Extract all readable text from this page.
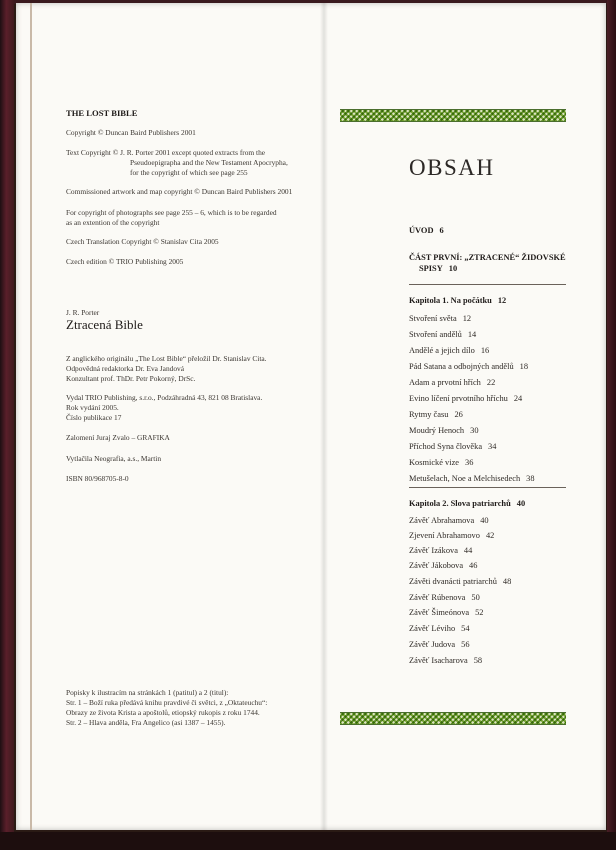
THE LOST BIBLE
Copyright © Duncan Baird Publishers 2001
Text Copyright © J. R. Porter 2001 except quoted extracts from the
Pseudoepigrapha and the New Testament Apocrypha,
for the copyright of which see page 255
Commissioned artwork and map copyright © Duncan Baird Publishers 2001
For copyright of photographs see page 255 – 6, which is to be regarded
as an extention of the copyright
Czech Translation Copyright © Stanislav Cita 2005
Czech edition © TRIO Publishing 2005
J. R. Porter
Ztracená Bible
Z anglického originálu „The Lost Bible“ přeložil Dr. Stanislav Cita.
Odpovědná redaktorka Dr. Eva Jandová
Konzultant prof. ThDr. Petr Pokorný, DrSc.
Vydal TRIO Publishing, s.r.o., Podzáhradná 43, 821 08 Bratislava.
Rok vydání 2005.
Číslo publikace 17
Zalomení Juraj Zvalo – GRAFIKA
Vytlačila Neografia, a.s., Martin
ISBN 80/968705-8-0
Popisky k ilustracím na stránkách 1 (patitul) a 2 (titul):
Str. 1 – Boží ruka předává knihu pravdivé či světci, z „Oktateuchu“:
Obrazy ze života Krista a apoštolů, etiopský rukopis z roku 1744.
Str. 2 – Hlava anděla, Fra Angelico (asi 1387 – 1455).
OBSAH
ÚVOD 6
ČÁST PRVNÍ: „ZTRACENÉ“ ŽIDOVSKÉ
SPISY 10
Kapitola 1. Na počátku 12
Stvoření světa 12
Stvoření andělů 14
Andělé a jejich dílo 16
Pád Satana a odbojných andělů 18
Adam a prvotní hřích 22
Evino líčení prvotního hříchu 24
Rytmy času 26
Moudrý Henoch 30
Příchod Syna člověka 34
Kosmické vize 36
Metušelach, Noe a Melchisedech 38
Kapitola 2. Slova patriarchů 40
Závěť Abrahamova 40
Zjevení Abrahamovo 42
Závěť Izákova 44
Závěť Jákobova 46
Závěti dvanácti patriarchů 48
Závěť Rúbenova 50
Závěť Šimeónova 52
Závěť Léviho 54
Závěť Judova 56
Závěť Isacharova 58
